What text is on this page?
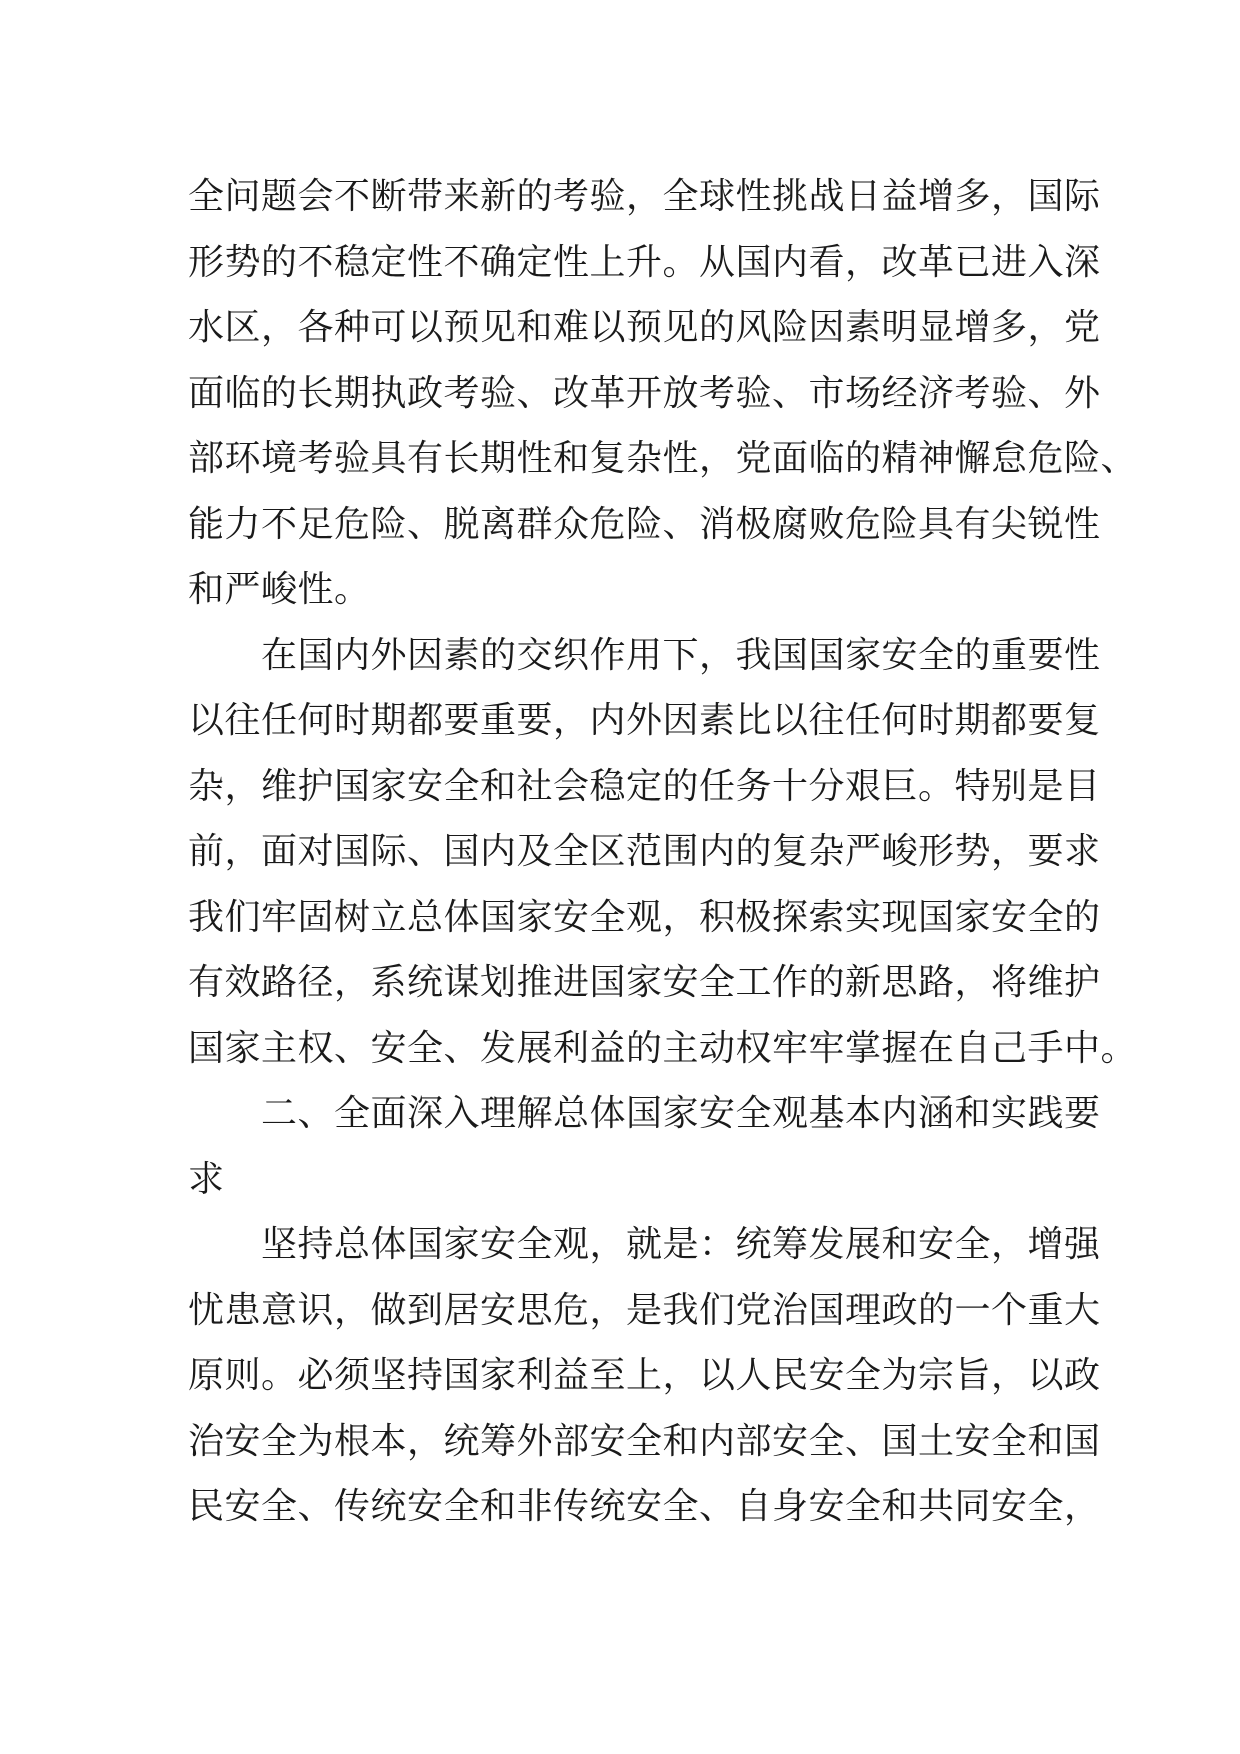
全问题会不断带来新的考验，全球性挑战日益增多，国际
形势的不稳定性不确定性上升。从国内看，改革已进入深
水区，各种可以预见和难以预见的风险因素明显增多，党
面临的长期执政考验、改革开放考验、市场经济考验、外
部环境考验具有长期性和复杂性，党面临的精神懈怠危险、
能力不足危险、脱离群众危险、消极腐败危险具有尖锐性
和严峻性。
　　在国内外因素的交织作用下，我国国家安全的重要性
以往任何时期都要重要，内外因素比以往任何时期都要复
杂，维护国家安全和社会稳定的任务十分艰巨。特别是目
前，面对国际、国内及全区范围内的复杂严峻形势，要求
我们牢固树立总体国家安全观，积极探索实现国家安全的
有效路径，系统谋划推进国家安全工作的新思路，将维护
国家主权、安全、发展利益的主动权牢牢掌握在自己手中。
　　二、全面深入理解总体国家安全观基本内涵和实践要
求
　　坚持总体国家安全观，就是：统筹发展和安全，增强
忧患意识，做到居安思危，是我们党治国理政的一个重大
原则。必须坚持国家利益至上，以人民安全为宗旨，以政
治安全为根本，统筹外部安全和内部安全、国土安全和国
民安全、传统安全和非传统安全、自身安全和共同安全，
